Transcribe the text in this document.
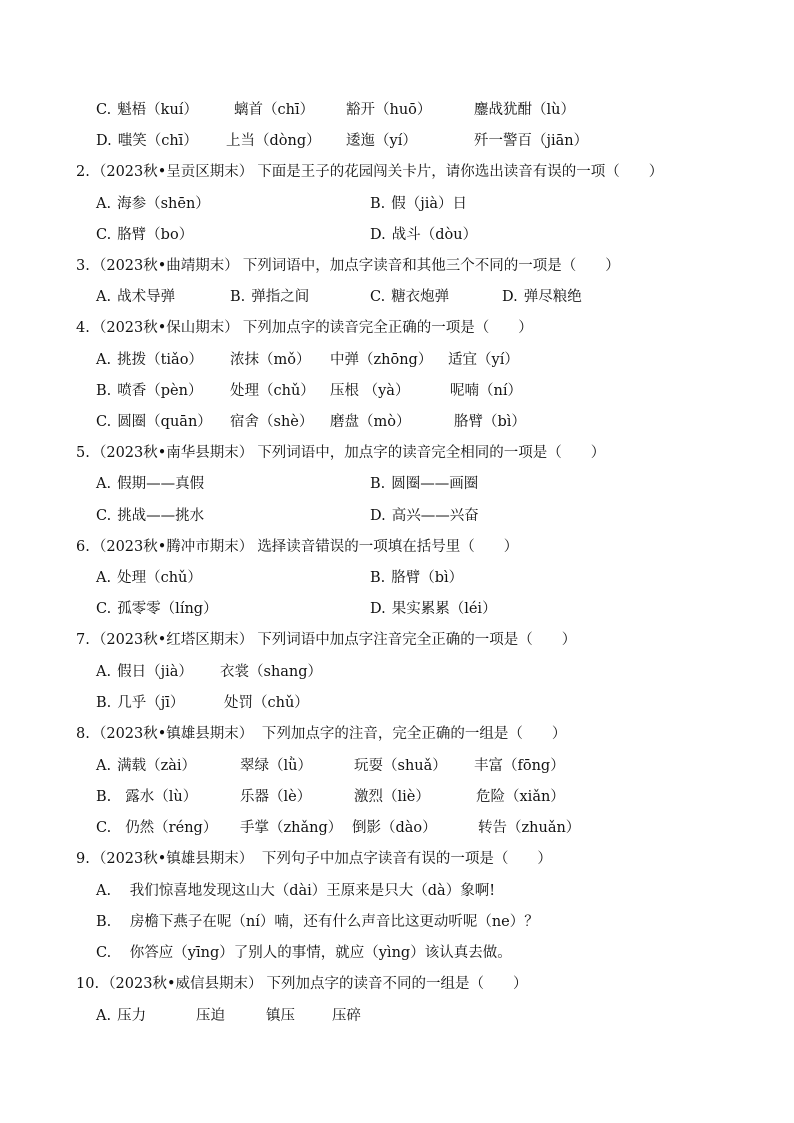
C. 魁梧（kuí） 螭首（chī） 豁开（huō）	鏖战犹酣（lù）
D. 嗤笑（chī） 上当（dòng） 逶迤（yí）	歼一警百（jiān）
2. （2023秋•呈贡区期末） 下面是王子的花园闯关卡片，请你选出读音有误的一项（　　）
A. 海参（shēn）	B. 假（jià）日
C. 胳臂（bo）	D. 战斗（dòu）
3. （2023秋•曲靖期末） 下列词语中，加点字读音和其他三个不同的一项是（　　）
A. 战术导弹	B. 弹指之间	C. 糖衣炮弹	D. 弹尽粮绝
4. （2023秋•保山期末） 下列加点字的读音完全正确的一项是（　　）
A. 挑拨（tiǎo） 浓抹（mǒ） 中弹（zhōng） 适宜（yí）
B. 喷香（pèn） 处理（chǔ） 压根 （yà）	呢喃（ní）
C. 圆圈（quān） 宿舍（shè） 磨盘（mò）	胳臂（bì）
5. （2023秋•南华县期末） 下列词语中，加点字的读音完全相同的一项是（　　）
A. 假期——真假	B. 圆圈——画圈
C. 挑战——挑水	D. 高兴——兴奋
6. （2023秋•腾冲市期末） 选择读音错误的一项填在括号里（　　）
A. 处理（chǔ）	B. 胳臂（bì）
C. 孤零零（líng）	D. 果实累累（léi）
7. （2023秋•红塔区期末） 下列词语中加点字注音完全正确的一项是（　　）
A. 假日（jià） 衣裳（shang）
B. 几乎（jī）	处罚（chǔ）
8. （2023秋•镇雄县期末） 下列加点字的注音，完全正确的一组是（　　）
A. 满载（zài）	翠绿（lǜ）	玩耍（shuǎ） 丰富（fōng）
B. 露水（lù）	乐器（lè）	激烈（liè）	危险（xiǎn）
C. 仍然（réng） 手掌（zhǎng） 倒影（dào）	转告（zhuǎn）
9. （2023秋•镇雄县期末） 下列句子中加点字读音有误的一项是（　　）
A. 我们惊喜地发现这山大（dài）王原来是只大（dà）象啊!
B. 房檐下燕子在呢（ní）喃，还有什么声音比这更动听呢（ne）？
C. 你答应（yīng）了别人的事情，就应（yìng）该认真去做。
10. （2023秋•威信县期末） 下列加点字的读音不同的一组是（　　）
A. 压力	压迫	镇压	压碎
